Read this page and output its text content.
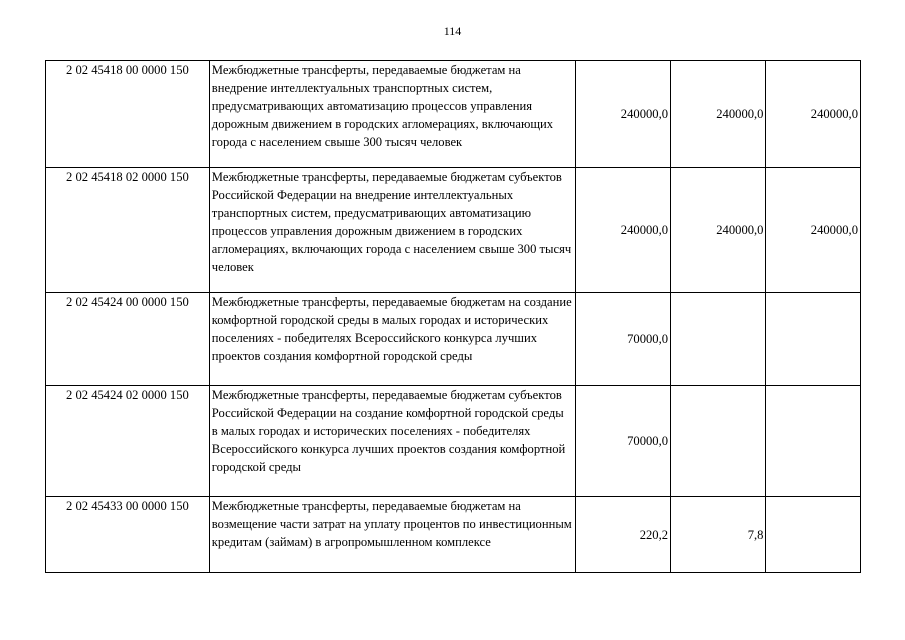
114
2 02 45418 00 0000 150	Межбюджетные трансферты, передаваемые бюджетам на внедрение интеллектуальных транспортных систем, предусматривающих автоматизацию процессов управления дорожным движением в городских агломерациях, включающих города с населением свыше 300 тысяч человек	240000,0	240000,0	240000,0
2 02 45418 02 0000 150	Межбюджетные трансферты, передаваемые бюджетам субъектов Российской Федерации на внедрение интеллектуальных транспортных систем, предусматривающих автоматизацию процессов управления дорожным движением в городских агломерациях, включающих города с населением свыше 300 тысяч человек	240000,0	240000,0	240000,0
2 02 45424 00 0000 150	Межбюджетные трансферты, передаваемые бюджетам на создание комфортной городской среды в малых городах и исторических поселениях - победителях Всероссийского конкурса лучших проектов создания комфортной городской среды	70000,0		
2 02 45424 02 0000 150	Межбюджетные трансферты, передаваемые бюджетам субъектов Российской Федерации на создание комфортной городской среды в малых городах и исторических поселениях - победителях Всероссийского конкурса лучших проектов создания комфортной городской среды	70000,0		
2 02 45433 00 0000 150	Межбюджетные трансферты, передаваемые бюджетам на возмещение части затрат на уплату процентов по инвестиционным кредитам (займам) в агропромышленном комплексе	220,2	7,8	
